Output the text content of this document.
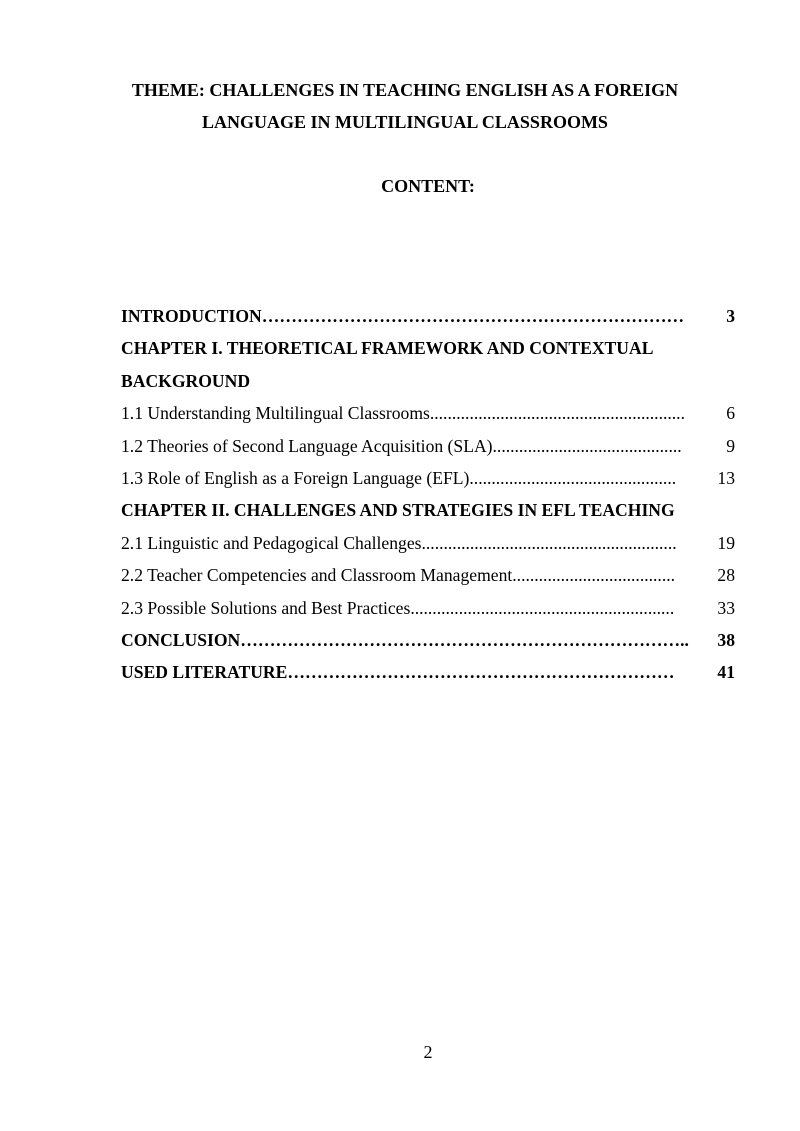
THEME: CHALLENGES IN TEACHING ENGLISH AS A FOREIGN
LANGUAGE IN MULTILINGUAL CLASSROOMS
CONTENT:
INTRODUCTION ………………………………………………………………	3
CHAPTER I. THEORETICAL FRAMEWORK AND CONTEXTUAL
BACKGROUND
1.1 Understanding Multilingual Classrooms ..........................................................	6
1.2 Theories of Second Language Acquisition (SLA) ...........................................	9
1.3 Role of English as a Foreign Language (EFL) ...............................................	13
CHAPTER II. CHALLENGES AND STRATEGIES IN EFL TEACHING
2.1 Linguistic and Pedagogical Challenges ..........................................................	19
2.2 Teacher Competencies and Classroom Management .....................................	28
2.3 Possible Solutions and Best Practices ............................................................	33
CONCLUSION …………………………………………………………………..	38
USED LITERATURE …………………………………………………………	41
2
